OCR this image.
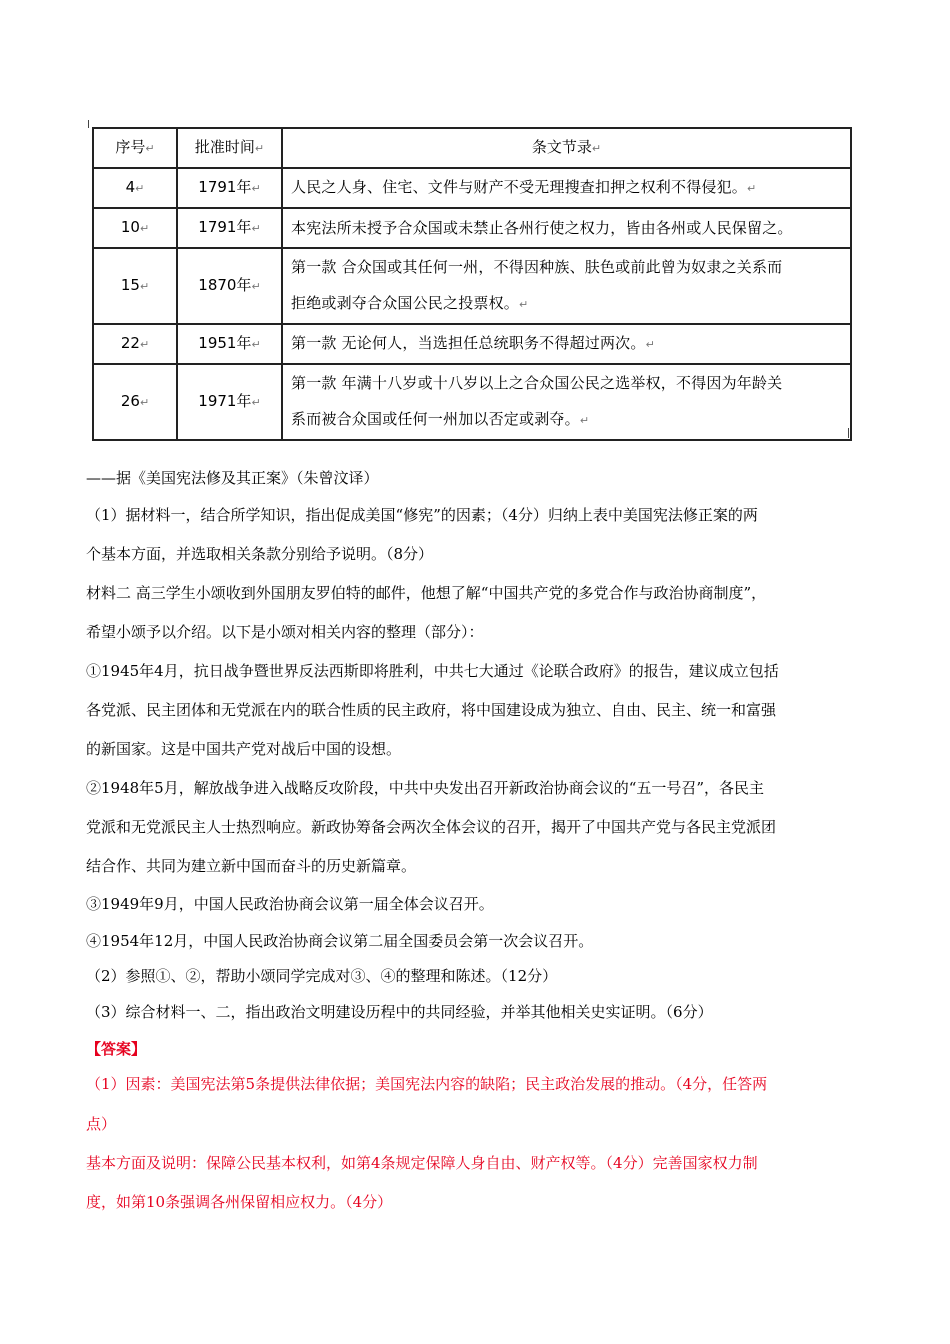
序号↵	批准时间↵	条文节录↵
4↵	1791年↵	人民之人身、住宅、文件与财产不受无理搜查扣押之权利不得侵犯。↵
10↵	1791年↵	本宪法所未授予合众国或未禁止各州行使之权力，皆由各州或人民保留之。
15↵	1870年↵	第一款 合众国或其任何一州，不得因种族、肤色或前此曾为奴隶之关系而
拒绝或剥夺合众国公民之投票权。↵

22↵	1951年↵	第一款 无论何人，当选担任总统职务不得超过两次。↵
26↵	1971年↵	第一款 年满十八岁或十八岁以上之合众国公民之选举权，不得因为年龄关
系而被合众国或任何一州加以否定或剥夺。↵
——据《美国宪法修及其正案》（朱曾汶译）
（1）据材料一，结合所学知识，指出促成美国“修宪”的因素；（4分）归纳上表中美国宪法修正案的两
个基本方面，并选取相关条款分别给予说明。（8分）
材料二 高三学生小颂收到外国朋友罗伯特的邮件，他想了解“中国共产党的多党合作与政治协商制度”，
希望小颂予以介绍。以下是小颂对相关内容的整理（部分）：
①1945年4月，抗日战争暨世界反法西斯即将胜利，中共七大通过《论联合政府》的报告，建议成立包括
各党派、民主团体和无党派在内的联合性质的民主政府，将中国建设成为独立、自由、民主、统一和富强
的新国家。这是中国共产党对战后中国的设想。
②1948年5月，解放战争进入战略反攻阶段，中共中央发出召开新政治协商会议的“五一号召”，各民主
党派和无党派民主人士热烈响应。新政协筹备会两次全体会议的召开，揭开了中国共产党与各民主党派团
结合作、共同为建立新中国而奋斗的历史新篇章。
③1949年9月，中国人民政治协商会议第一届全体会议召开。
④1954年12月，中国人民政治协商会议第二届全国委员会第一次会议召开。
（2）参照①、②，帮助小颂同学完成对③、④的整理和陈述。（12分）
（3）综合材料一、二，指出政治文明建设历程中的共同经验，并举其他相关史实证明。（6分）
【答案】
（1）因素：美国宪法第5条提供法律依据；美国宪法内容的缺陷；民主政治发展的推动。（4分，任答两
点）
基本方面及说明：保障公民基本权利，如第4条规定保障人身自由、财产权等。（4分）完善国家权力制
度，如第10条强调各州保留相应权力。（4分）
